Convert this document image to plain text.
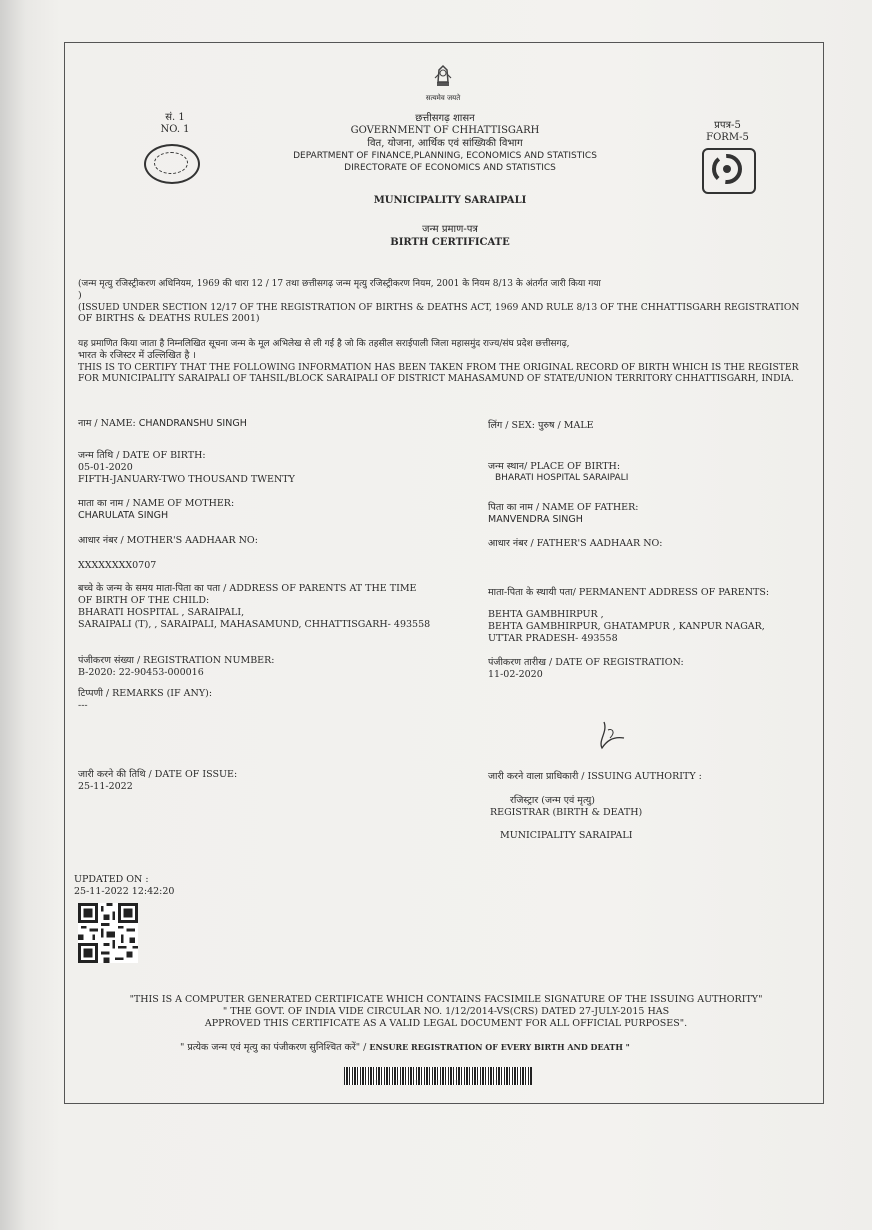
सत्यमेव जयते
सं. 1
NO. 1
छत्तीसगढ़ शासन
GOVERNMENT OF CHHATTISGARH
वित, योजना, आर्थिक एवं सांख्यिकी विभाग
DEPARTMENT OF FINANCE,PLANNING, ECONOMICS AND STATISTICS
DIRECTORATE OF ECONOMICS AND STATISTICS
प्रपत्र-5
FORM-5
MUNICIPALITY SARAIPALI
जन्म प्रमाण-पत्र
BIRTH CERTIFICATE
(जन्म मृत्यु रजिस्ट्रीकरण अधिनियम, 1969 की धारा 12 / 17 तथा छत्तीसगढ़ जन्म मृत्यु रजिस्ट्रीकरण नियम, 2001 के नियम 8/13 के अंतर्गत जारी किया गया
)
(ISSUED UNDER SECTION 12/17 OF THE REGISTRATION OF BIRTHS & DEATHS ACT, 1969 AND RULE 8/13 OF THE CHHATTISGARH REGISTRATION
OF BIRTHS & DEATHS RULES 2001)
यह प्रमाणित किया जाता है निम्नलिखित सूचना जन्म के मूल अभिलेख से ली गई है जो कि तहसील सराईपाली जिला महासमुंद राज्य/संघ प्रदेश छत्तीसगढ़,
भारत के रजिस्टर में उल्लिखित है ।
THIS IS TO CERTIFY THAT THE FOLLOWING INFORMATION HAS BEEN TAKEN FROM THE ORIGINAL RECORD OF BIRTH WHICH IS THE REGISTER
FOR MUNICIPALITY SARAIPALI OF TAHSIL/BLOCK SARAIPALI OF DISTRICT MAHASAMUND OF STATE/UNION TERRITORY CHHATTISGARH, INDIA.
नाम / NAME: CHANDRANSHU SINGH
जन्म तिथि / DATE OF BIRTH:
05-01-2020
FIFTH-JANUARY-TWO THOUSAND TWENTY
माता का नाम / NAME OF MOTHER:
CHARULATA SINGH
आधार नंबर / MOTHER'S AADHAAR NO:
XXXXXXXX0707
बच्चे के जन्म के समय माता-पिता का पता / ADDRESS OF PARENTS AT THE TIME
OF BIRTH OF THE CHILD:
BHARATI HOSPITAL , SARAIPALI,
SARAIPALI (T), , SARAIPALI, MAHASAMUND, CHHATTISGARH- 493558
पंजीकरण संख्या / REGISTRATION NUMBER:
B-2020: 22-90453-000016
टिप्पणी / REMARKS (IF ANY):
---
जारी करने की तिथि / DATE OF ISSUE:
25-11-2022
लिंग / SEX: पुरुष / MALE
जन्म स्थान/ PLACE OF BIRTH:
BHARATI HOSPITAL SARAIPALI
पिता का नाम / NAME OF FATHER:
MANVENDRA SINGH
आधार नंबर / FATHER'S AADHAAR NO:
माता-पिता के स्थायी पता/ PERMANENT ADDRESS OF PARENTS:
BEHTA GAMBHIRPUR ,
BEHTA GAMBHIRPUR, GHATAMPUR , KANPUR NAGAR,
UTTAR PRADESH- 493558
पंजीकरण तारीख / DATE OF REGISTRATION:
11-02-2020
जारी करने वाला प्राधिकारी / ISSUING AUTHORITY :
रजिस्ट्रार (जन्म एवं मृत्यु)
REGISTRAR (BIRTH & DEATH)
MUNICIPALITY SARAIPALI
UPDATED ON :
25-11-2022 12:42:20
"THIS IS A COMPUTER GENERATED CERTIFICATE WHICH CONTAINS FACSIMILE SIGNATURE OF THE ISSUING AUTHORITY"
" THE GOVT. OF INDIA VIDE CIRCULAR NO. 1/12/2014-VS(CRS) DATED 27-JULY-2015 HAS
APPROVED THIS CERTIFICATE AS A VALID LEGAL DOCUMENT FOR ALL OFFICIAL PURPOSES".
" प्रत्येक जन्म एवं मृत्यु का पंजीकरण सुनिश्चित करें" / ENSURE REGISTRATION OF EVERY BIRTH AND DEATH "
